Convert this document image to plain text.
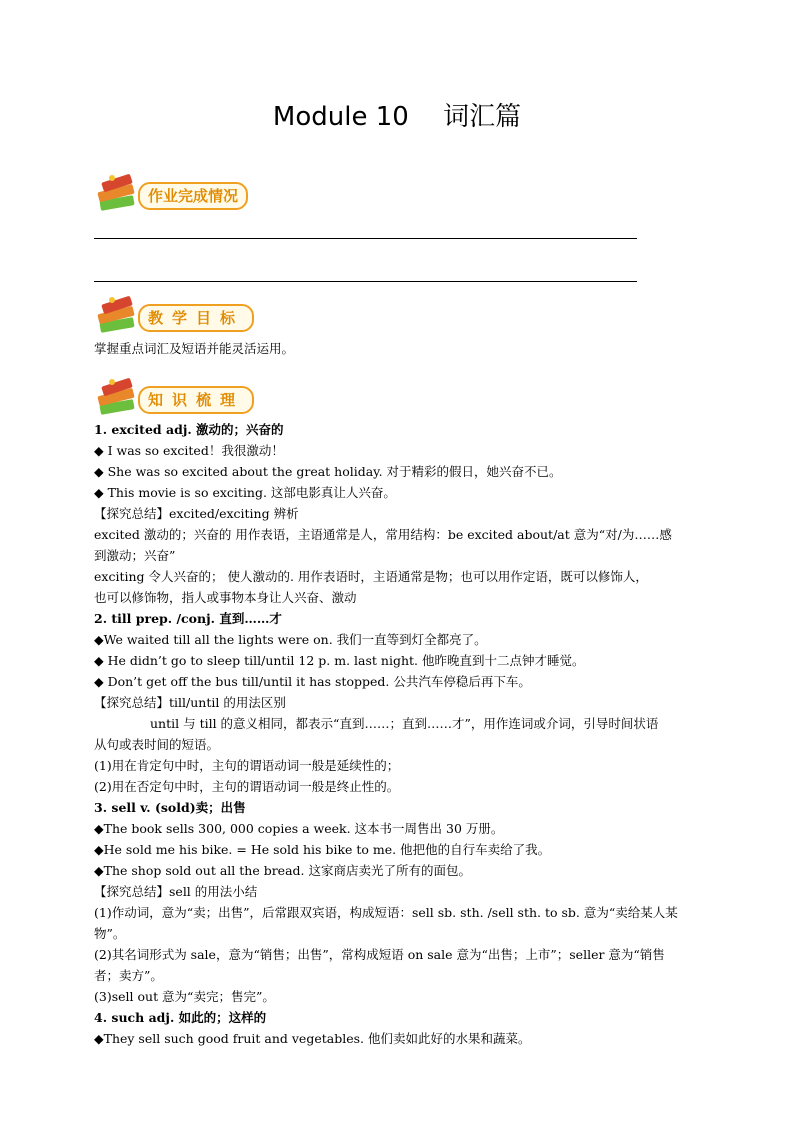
Module 10　 词汇篇
作业完成情况
教学目标
掌握重点词汇及短语并能灵活运用。
知识梳理
1. excited adj. 激动的；兴奋的
◆ I was so excited！我很激动！
◆ She was so excited about the great holiday. 对于精彩的假日，她兴奋不已。
◆ This movie is so exciting. 这部电影真让人兴奋。
【探究总结】excited/exciting 辨析
excited 激动的；兴奋的 用作表语，主语通常是人，常用结构：be excited about/at 意为“对/为……感
到激动；兴奋”
exciting 令人兴奋的； 使人激动的. 用作表语时，主语通常是物；也可以用作定语，既可以修饰人，
也可以修饰物，指人或事物本身让人兴奋、激动
2. till prep. /conj. 直到……才
◆We waited till all the lights were on. 我们一直等到灯全都亮了。
◆ He didn’t go to sleep till/until 12 p. m. last night. 他昨晚直到十二点钟才睡觉。
◆ Don’t get off the bus till/until it has stopped. 公共汽车停稳后再下车。
【探究总结】till/until 的用法区别
until 与 till 的意义相同，都表示“直到……；直到……才”，用作连词或介词，引导时间状语
从句或表时间的短语。
(1)用在肯定句中时，主句的谓语动词一般是延续性的；
(2)用在否定句中时，主句的谓语动词一般是终止性的。
3. sell v. (sold)卖；出售
◆The book sells 300, 000 copies a week. 这本书一周售出 30 万册。
◆He sold me his bike. = He sold his bike to me. 他把他的自行车卖给了我。
◆The shop sold out all the bread. 这家商店卖光了所有的面包。
【探究总结】sell 的用法小结
(1)作动词，意为“卖；出售”，后常跟双宾语，构成短语：sell sb. sth. /sell sth. to sb. 意为“卖给某人某
物”。
(2)其名词形式为 sale，意为“销售；出售”，常构成短语 on sale 意为“出售；上市”；seller 意为“销售
者；卖方”。
(3)sell out 意为“卖完；售完”。
4. such adj. 如此的；这样的
◆They sell such good fruit and vegetables. 他们卖如此好的水果和蔬菜。
